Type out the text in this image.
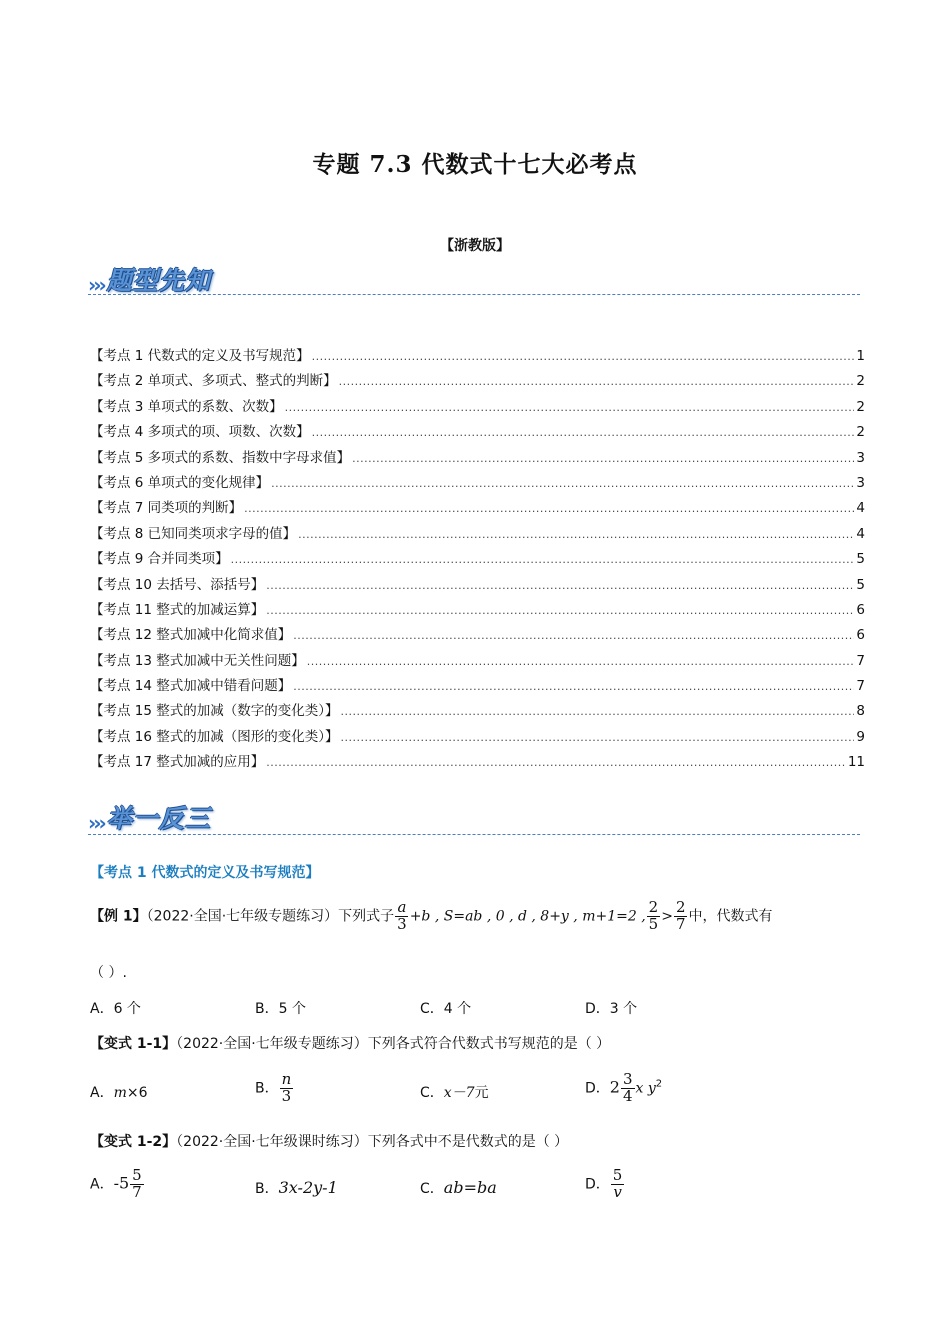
专题 7.3 代数式十七大必考点
【浙教版】
››› 题型先知
【考点 1 代数式的定义及书写规范】 .....	1
【考点 2 单项式、多项式、整式的判断】 .....	2
【考点 3 单项式的系数、次数】 .....	2
【考点 4 多项式的项、项数、次数】 .....	2
【考点 5 多项式的系数、指数中字母求值】 .....	3
【考点 6 单项式的变化规律】 .....	3
【考点 7 同类项的判断】 .....	4
【考点 8 已知同类项求字母的值】 .....	4
【考点 9 合并同类项】 .....	5
【考点 10 去括号、添括号】 .....	5
【考点 11 整式的加减运算】 .....	6
【考点 12 整式加减中化简求值】 .....	6
【考点 13 整式加减中无关性问题】 .....	7
【考点 14 整式加减中错看问题】 .....	7
【考点 15 整式的加减（数字的变化类）】 .....	8
【考点 16 整式的加减（图形的变化类）】 .....	9
【考点 17 整式加减的应用】 .....	11
››› 举一反三
【考点 1 代数式的定义及书写规范】
【例 1】（2022·全国·七年级专题练习）下列式子 $\frac{a}{3} +b$ , S=ab , 0 , d , 8+y , m+1=2 , $\frac{2}{5} > \frac{2}{7}$ 中，代数式有
（ ）.
A．6 个	B．5 个	C．4 个	D．3 个
【变式 1-1】（2022·全国·七年级专题练习）下列各式符合代数式书写规范的是（ ）
A．m×6	B． $\frac{n}{3}$	C．x－7元	D．$2 \frac{3}{4}$ x $y^2$
【变式 1-2】（2022·全国·七年级课时练习）下列各式中不是代数式的是（ ）
A．$-5 \frac{5}{7}$	B．3x-2y-1	C．ab=ba	D． $\frac{5}{v}$
